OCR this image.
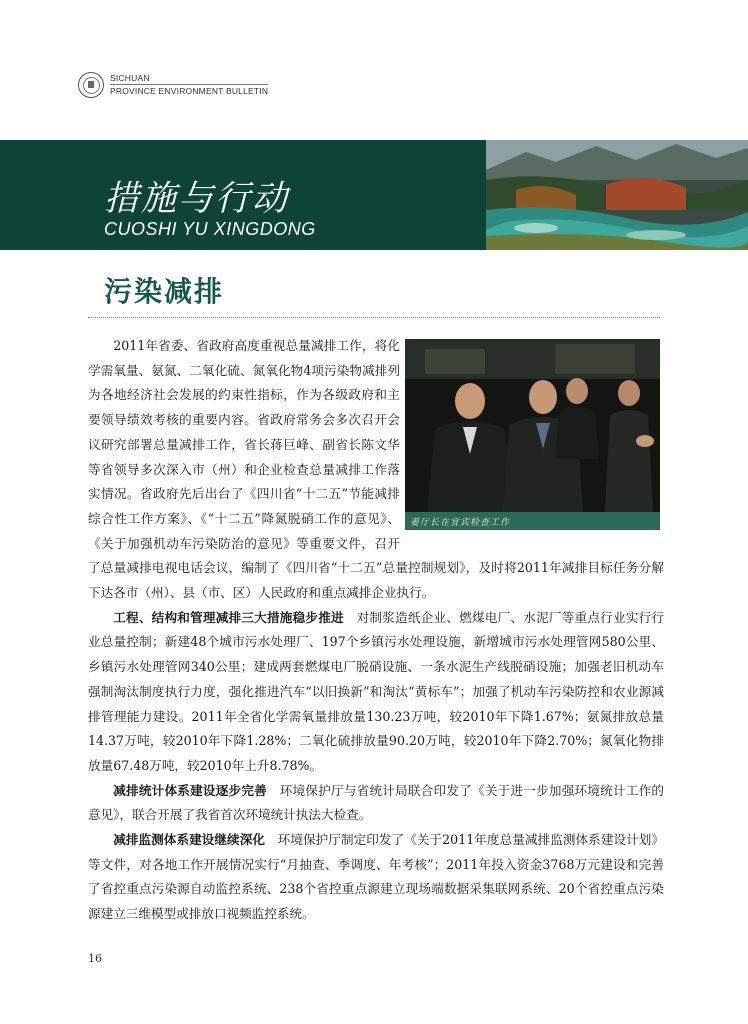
SICHUAN
PROVINCE ENVIRONMENT BULLETIN
措施与行动
CUOSHI YU XINGDONG
污染减排
姜厅长在宜宾检查工作

2011年省委、省政府高度重视总量减排工作，将化学需氧量、氨氮、二氧化硫、氮氧化物4项污染物减排列为各地经济社会发展的约束性指标，作为各级政府和主要领导绩效考核的重要内容。省政府常务会多次召开会议研究部署总量减排工作，省长蒋巨峰、副省长陈文华等省领导多次深入市（州）和企业检查总量减排工作落实情况。省政府先后出台了《四川省“十二五”节能减排综合性工作方案》、《“十二五”降氮脱硝工作的意见》、《关于加强机动车污染防治的意见》等重要文件，召开了总量减排电视电话会议，编制了《四川省“十二五”总量控制规划》，及时将2011年减排目标任务分解下达各市（州）、县（市、区）人民政府和重点减排企业执行。

工程、结构和管理减排三大措施稳步推进　对制浆造纸企业、燃煤电厂、水泥厂等重点行业实行行业总量控制；新建48个城市污水处理厂、197个乡镇污水处理设施，新增城市污水处理管网580公里、乡镇污水处理管网340公里；建成两套燃煤电厂脱硝设施、一条水泥生产线脱硝设施；加强老旧机动车强制淘汰制度执行力度，强化推进汽车“以旧换新”和淘汰“黄标车”；加强了机动车污染防控和农业源减排管理能力建设。2011年全省化学需氧量排放量130.23万吨，较2010年下降1.67%；氨氮排放总量14.37万吨，较2010年下降1.28%；二氧化硫排放量90.20万吨，较2010年下降2.70%；氮氧化物排放量67.48万吨，较2010年上升8.78%。

减排统计体系建设逐步完善　环境保护厅与省统计局联合印发了《关于进一步加强环境统计工作的意见》，联合开展了我省首次环境统计执法大检查。

减排监测体系建设继续深化　环境保护厅制定印发了《关于2011年度总量减排监测体系建设计划》等文件，对各地工作开展情况实行“月抽查、季调度、年考核”；2011年投入资金3768万元建设和完善了省控重点污染源自动监控系统、238个省控重点源建立现场端数据采集联网系统、20个省控重点污染源建立三维模型或排放口视频监控系统。

16
